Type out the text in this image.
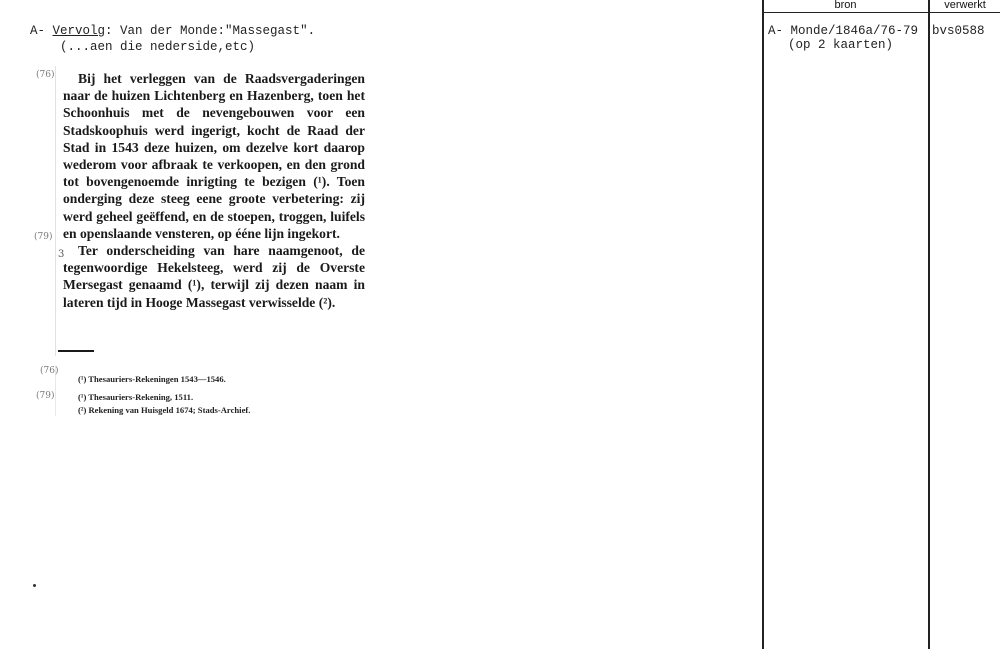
bron	verwerkt
A- Vervolg: Van der Monde:"Massegast".
(...aen die nederside,etc)
A- Monde/1846a/76-79
(op 2 kaarten)
bvs0588
(76)
(79)
3
(76)
(79)

Bij het verleggen van de Raadsvergaderingen naar de huizen Lichtenberg en Hazenberg, toen het Schoonhuis met de nevengebouwen voor een Stadskoophuis werd ingerigt, kocht de Raad der Stad in 1543 deze huizen, om dezelve kort daarop wederom voor afbraak te verkoopen, en den grond tot bovengenoemde inrigting te bezigen (¹). Toen onderging deze steeg eene groote verbetering: zij werd geheel geëffend, en de stoepen, troggen, luifels en openslaande vensteren, op ééne lijn ingekort.

Ter onderscheiding van hare naamgenoot, de tegenwoordige Hekelsteeg, werd zij de Overste Mersegast genaamd (¹), terwijl zij dezen naam in lateren tijd in Hooge Massegast verwisselde (²).

(¹) Thesauriers-Rekeningen 1543—1546.
(¹) Thesauriers-Rekening, 1511.
(²) Rekening van Huisgeld 1674; Stads-Archief.
